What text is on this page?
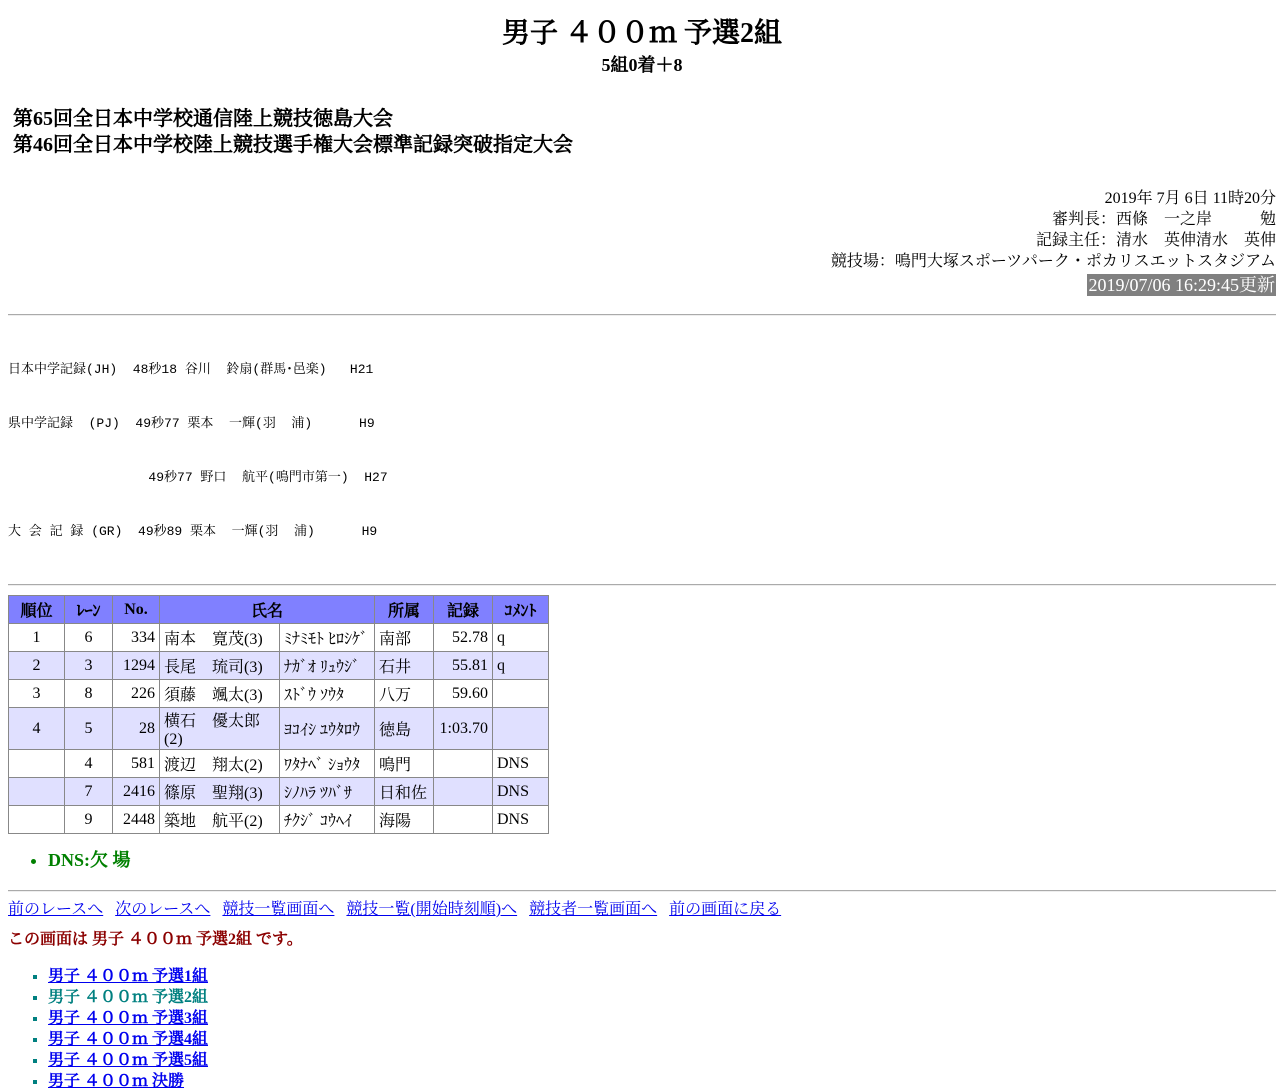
男子 ４００ｍ 予選2組
5組0着＋8
第65回全日本中学校通信陸上競技徳島大会
第46回全日本中学校陸上競技選手権大会標準記録突破指定大会
2019年 7月 6日 11時20分
審判長：西條　一之岸　　　勉
記録主任：清水　英伸清水　英伸
競技場：鳴門大塚スポーツパーク・ポカリスエットスタジアム
2019/07/06 16:29:45更新

日本中学記録(JH)  48秒18 谷川  鈴扇(群馬･邑楽)   H21

県中学記録  (PJ)  49秒77 栗本  一輝(羽  浦)      H9

49秒77 野口  航平(鳴門市第一)  H27

大 会 記 録 (GR)  49秒89 栗本  一輝(羽  浦)      H9

順位	ﾚｰﾝ	No.	氏名		所属	記録	ｺﾒﾝﾄ
1	6	334	南本　寛茂(3)	ﾐﾅﾐﾓﾄ ﾋﾛｼｹﾞ	南部	52.78	q
2	3	1294	長尾　琉司(3)	ﾅｶﾞｵ ﾘｭｳｼﾞ	石井	55.81	q
3	8	226	須藤　颯太(3)	ｽﾄﾞｳ ｿｳﾀ	八万	59.60	
4	5	28	横石　優太郎(2)	ﾖｺｲｼ ﾕｳﾀﾛｳ	徳島	1:03.70	
	4	581	渡辺　翔太(2)	ﾜﾀﾅﾍﾞ ｼｮｳﾀ	鳴門		DNS
	7	2416	篠原　聖翔(3)	ｼﾉﾊﾗ ﾂﾊﾞｻ	日和佐		DNS
	9	2448	築地　航平(2)	ﾁｸｼﾞ ｺｳﾍｲ	海陽		DNS
• DNS:欠 場
前のレースへ 次のレースへ 競技一覧画面へ 競技一覧(開始時刻順)へ 競技者一覧画面へ 前の画面に戻る
この画面は 男子 ４００ｍ 予選2組 です。
▪ 男子 ４００ｍ 予選1組
▪ 男子 ４００ｍ 予選2組
▪ 男子 ４００ｍ 予選3組
▪ 男子 ４００ｍ 予選4組
▪ 男子 ４００ｍ 予選5組
▪ 男子 ４００ｍ 決勝
